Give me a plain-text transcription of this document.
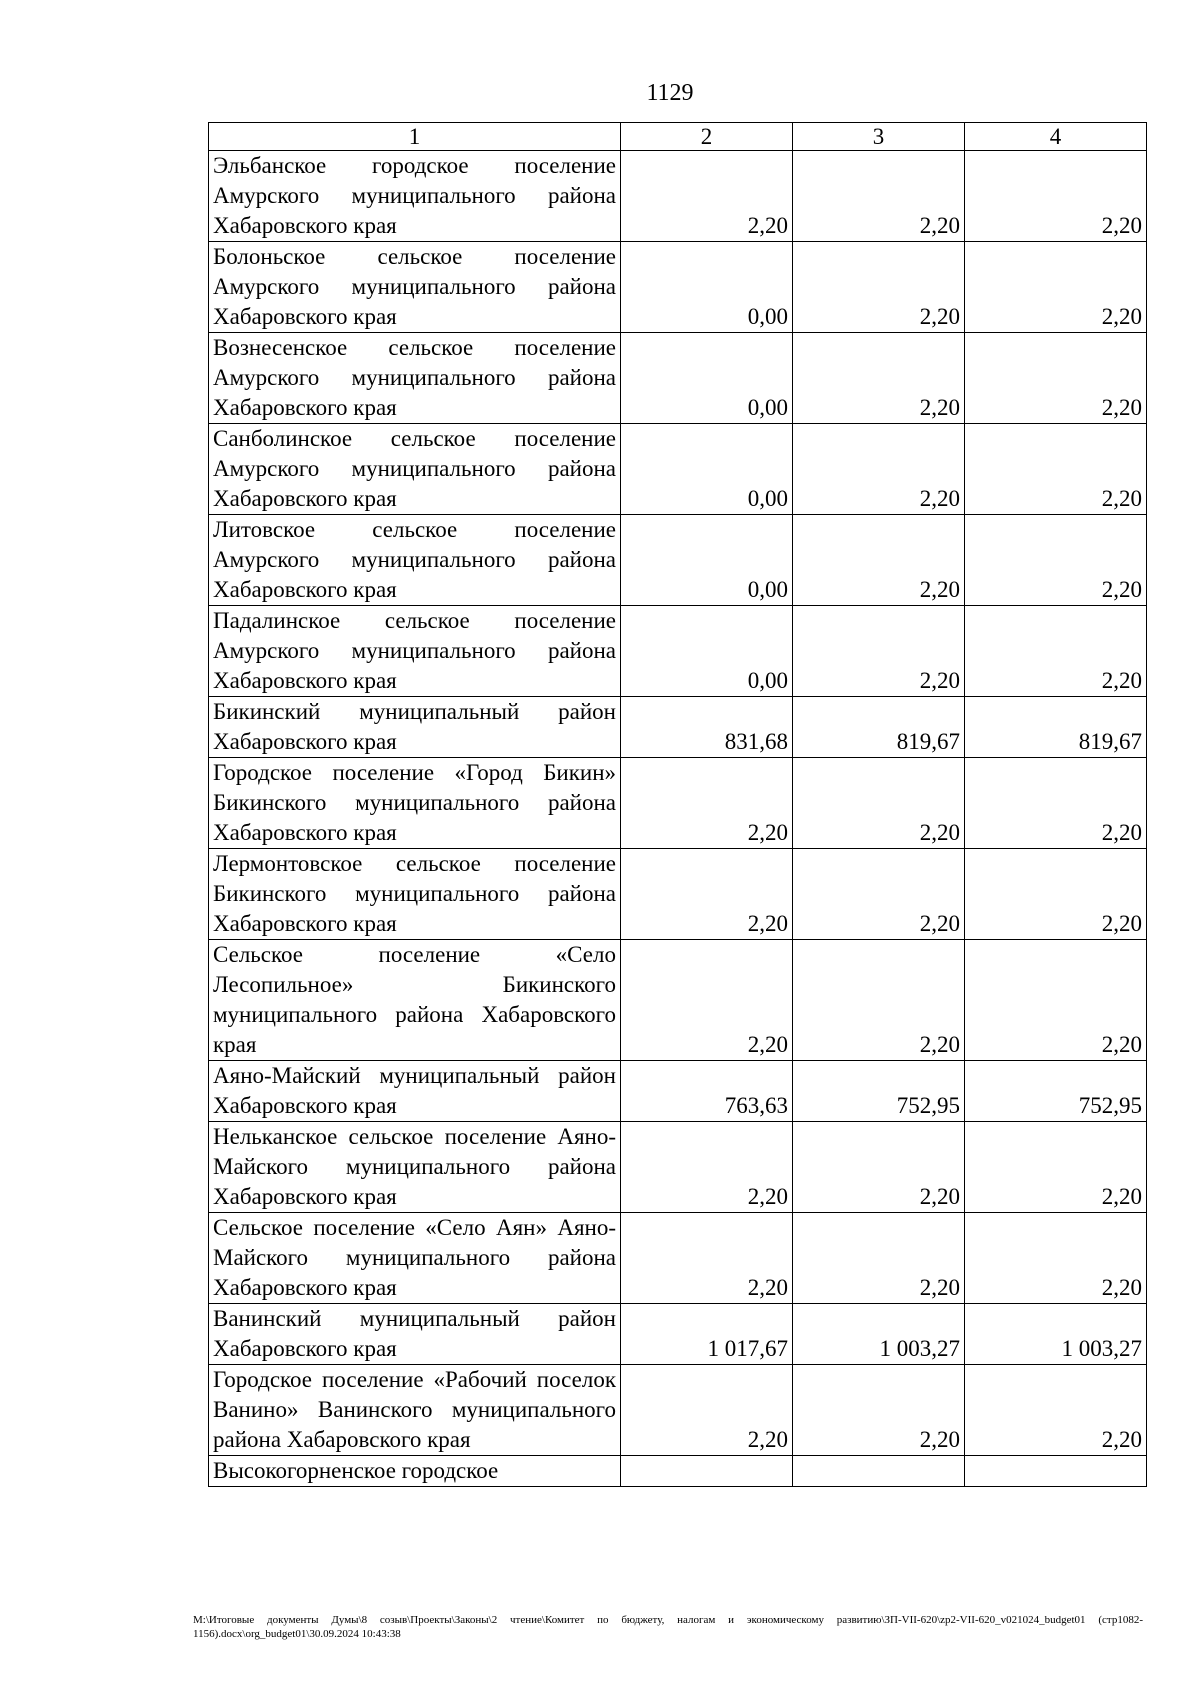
1129
1	2	3	4
Эльбанское городское поселение Амурского муниципального района Хабаровского края	2,20	2,20	2,20
Болоньское сельское поселение Амурского муниципального района Хабаровского края	0,00	2,20	2,20
Вознесенское сельское поселение Амурского муниципального района Хабаровского края	0,00	2,20	2,20
Санболинское сельское поселение Амурского муниципального района Хабаровского края	0,00	2,20	2,20
Литовское сельское поселение Амурского муниципального района Хабаровского края	0,00	2,20	2,20
Падалинское сельское поселение Амурского муниципального района Хабаровского края	0,00	2,20	2,20
Бикинский муниципальный район Хабаровского края	831,68	819,67	819,67
Городское поселение «Город Бикин» Бикинского муниципального района Хабаровского края	2,20	2,20	2,20
Лермонтовское сельское поселение Бикинского муниципального района Хабаровского края	2,20	2,20	2,20
Сельское поселение «Село Лесопильное» Бикинского муниципального района Хабаровского края	2,20	2,20	2,20
Аяно-Майский муниципальный район Хабаровского края	763,63	752,95	752,95
Нельканское сельское поселение Аяно-Майского муниципального района Хабаровского края	2,20	2,20	2,20
Сельское поселение «Село Аян» Аяно-Майского муниципального района Хабаровского края	2,20	2,20	2,20
Ванинский муниципальный район Хабаровского края	1 017,67	1 003,27	1 003,27
Городское поселение «Рабочий поселок Ванино» Ванинского муниципального района Хабаровского края	2,20	2,20	2,20
Высокогорненское городское			
M:\Итоговые документы Думы\8 созыв\Проекты\Законы\2 чтение\Комитет по бюджету, налогам и экономическому развитию\ЗП-VII-620\zp2-VII-620_v021024_budget01 (стр1082-1156).docx\org_budget01\30.09.2024 10:43:38
